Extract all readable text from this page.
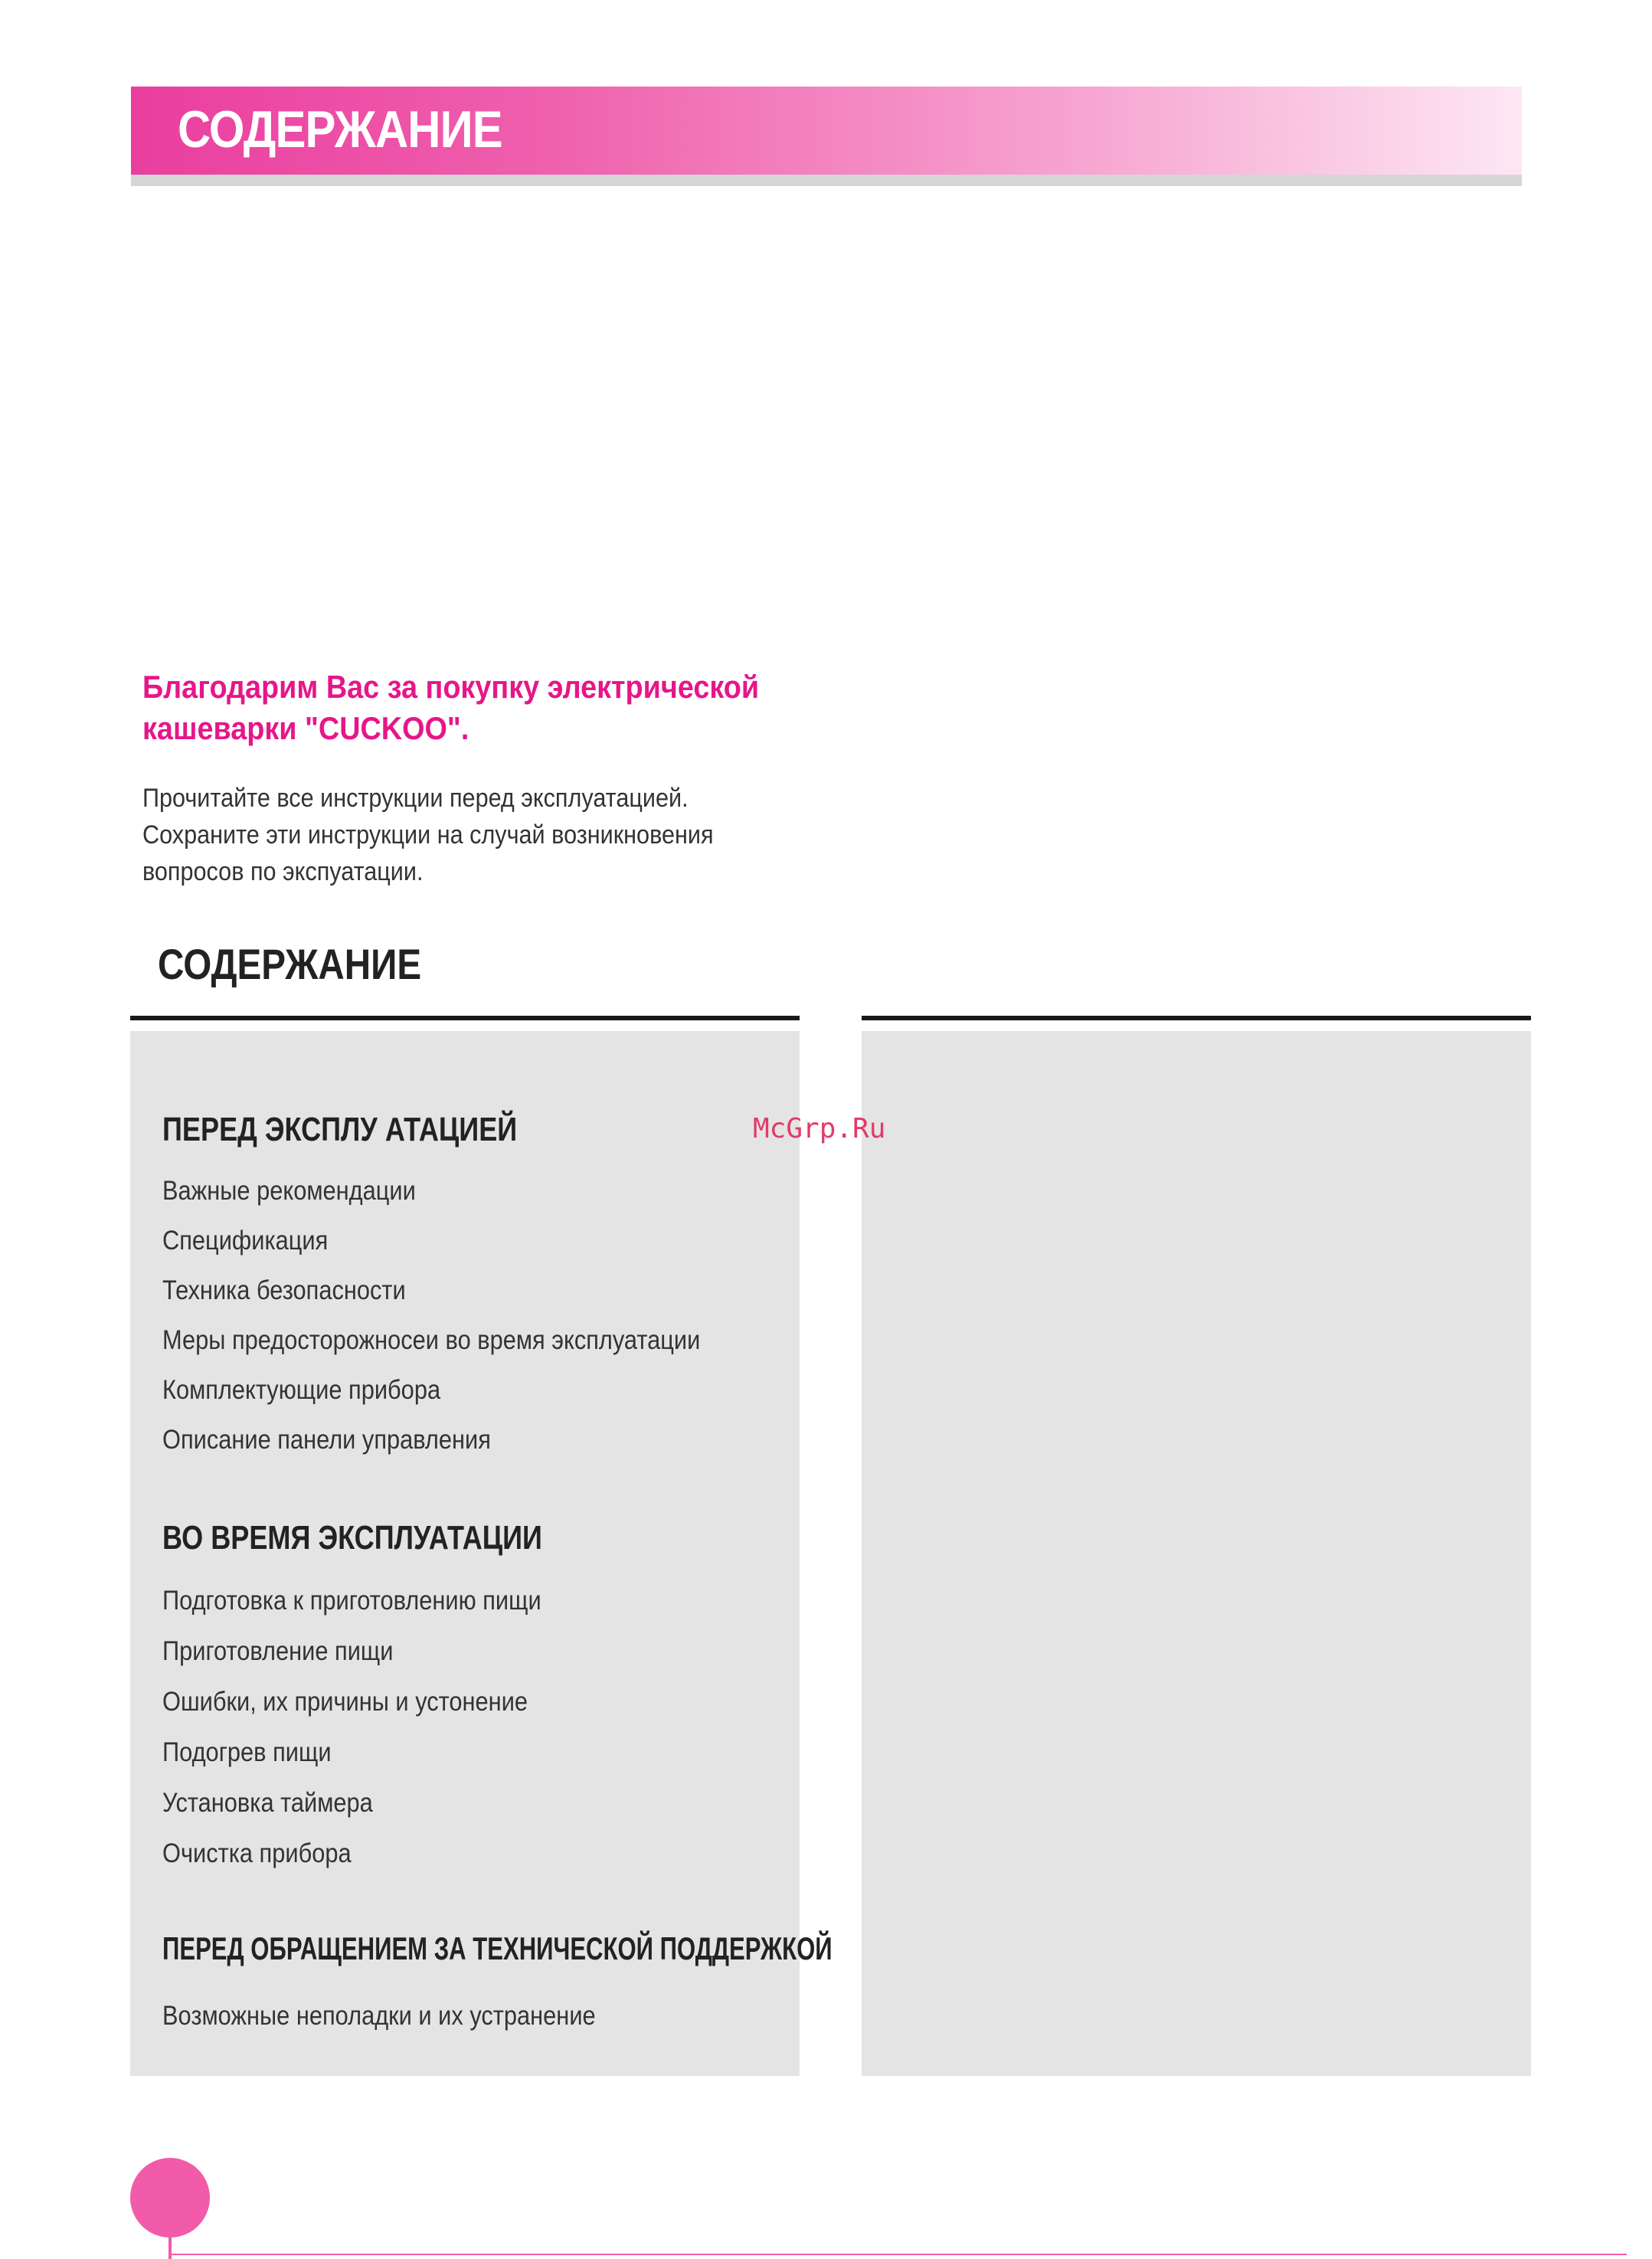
СОДЕРЖАНИЕ
Благодарим Вас за покупку электрической
кашеварки "CUCKOO".
Прочитайте все инструкции перед эксплуатацией.
Сохраните эти инструкции на случай возникновения
вопросов по экспуатации.
СОДЕРЖАНИЕ
ПЕРЕД ЭКСПЛУ АТАЦИЕЙ
Важные рекомендации
Спецификация
Техника безопасности
Меры предосторожносеи во время эксплуатации
Комплектующие прибора
Описание панели управления
ВО ВРЕМЯ ЭКСПЛУАТАЦИИ
Подготовка к приготовлению пищи
Приготовление пищи
Ошибки, их причины и устонение
Подогрев пищи
Установка таймера
Очистка прибора
ПЕРЕД ОБРАЩЕНИЕМ ЗА ТЕХНИЧЕСКОЙ ПОДДЕРЖКОЙ
Возможные неполадки и их устранение
McGrp.Ru
